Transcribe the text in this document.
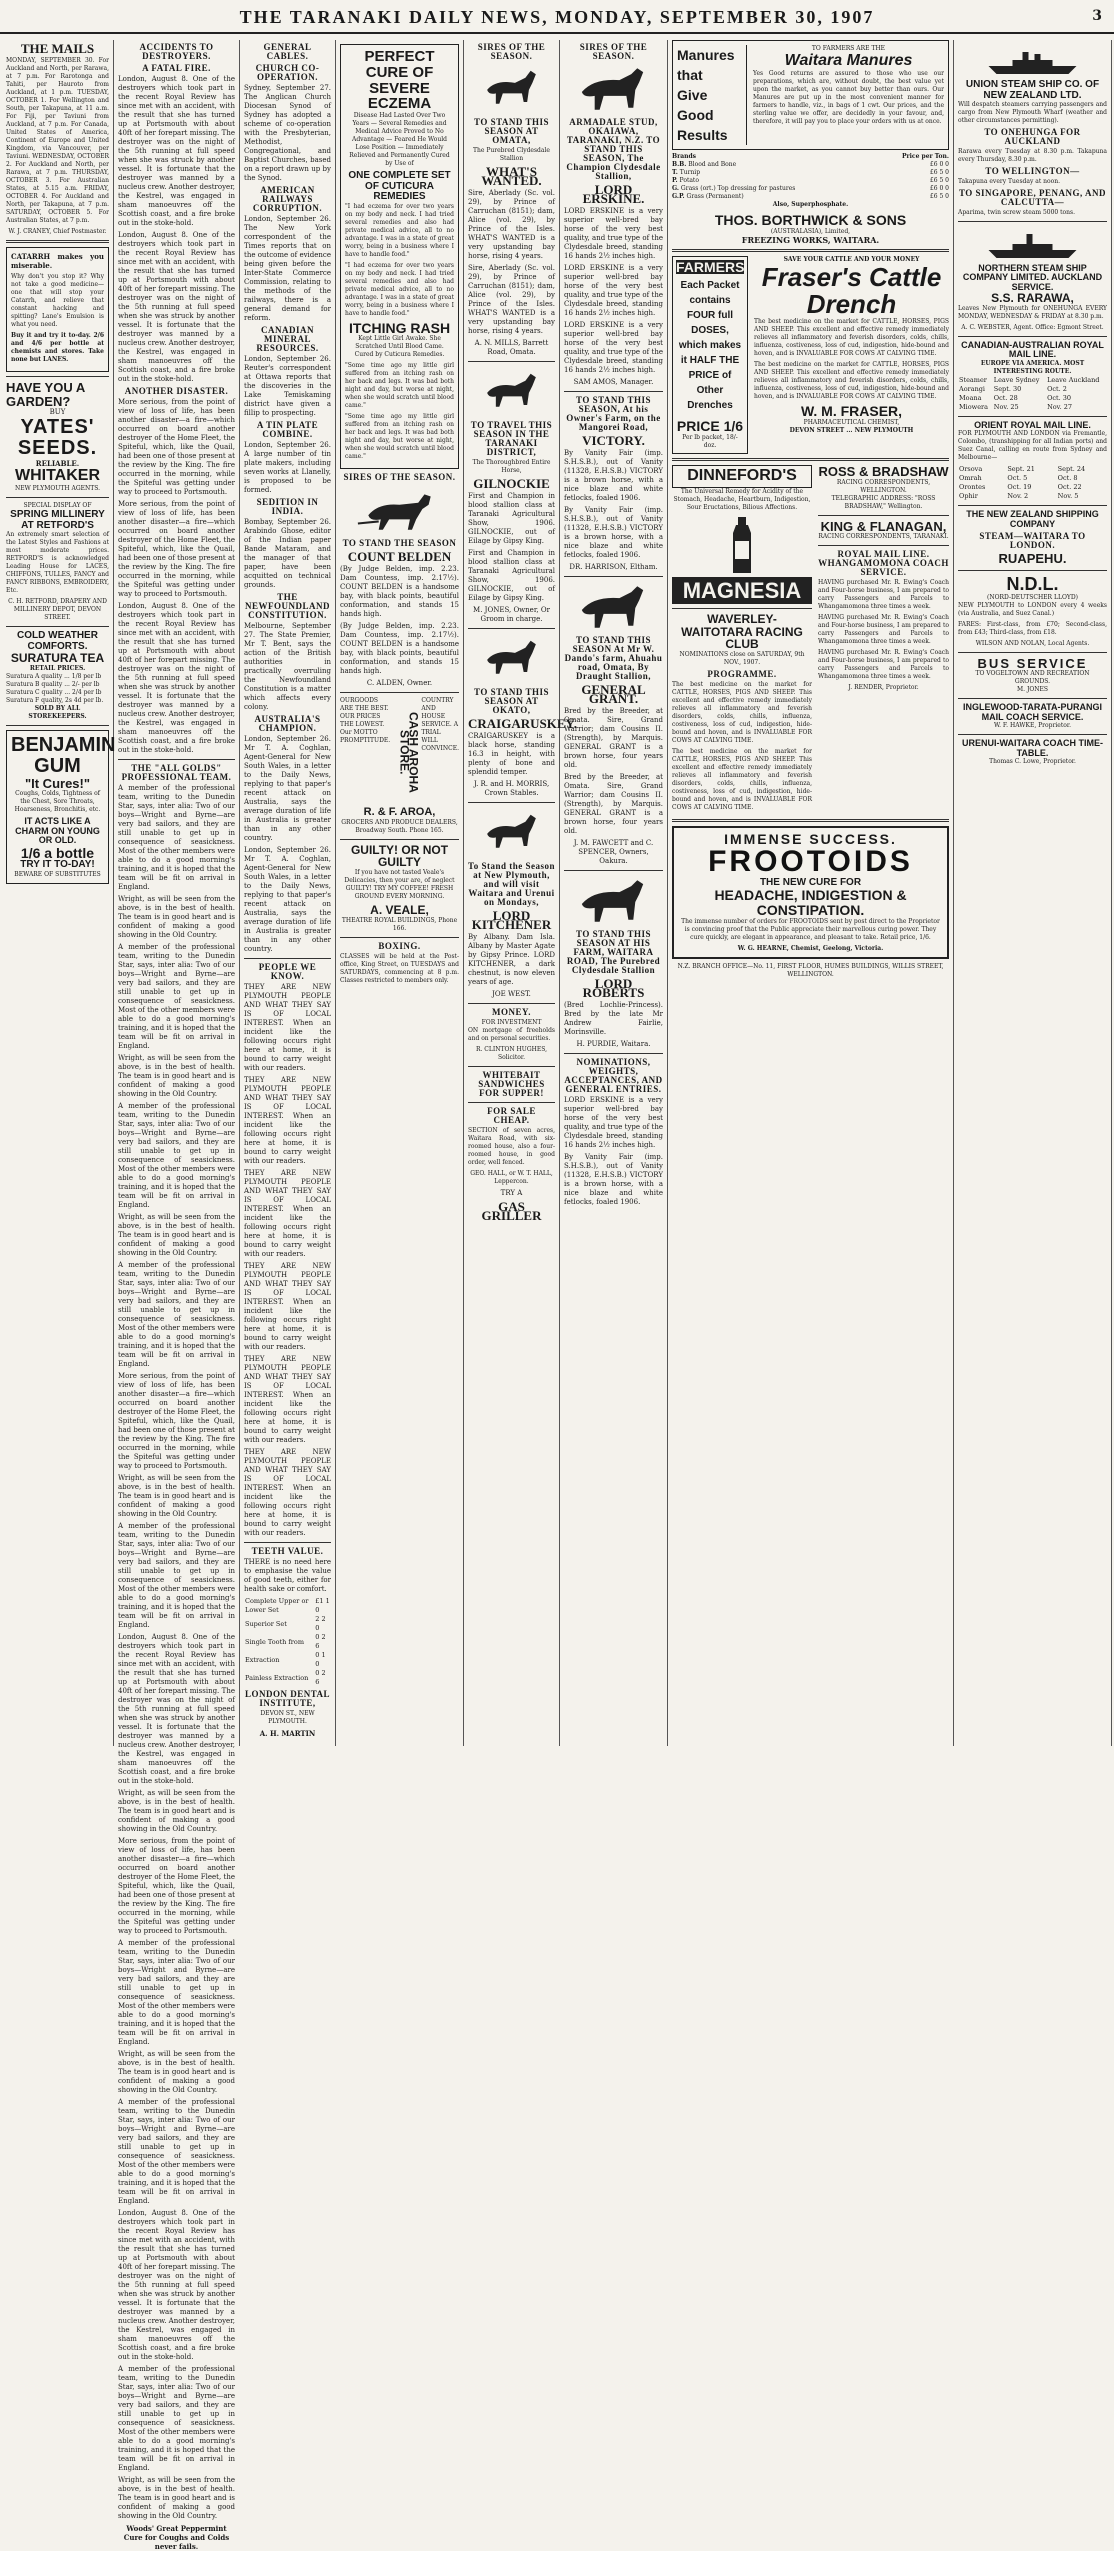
THE TARANAKI DAILY NEWS, MONDAY, SEPTEMBER 30, 1907	3
THE MAILS

MONDAY, SEPTEMBER 30. For Auckland and North, per Rarawa, at 7 p.m. For Rarotonga and Tahiti, per Hauroto from Auckland, at 1 p.m. TUESDAY, OCTOBER 1. For Wellington and South, per Takapuna, at 11 a.m. For Fiji, per Taviuni from Auckland, at 7 p.m. For Canada, United States of America, Continent of Europe and United Kingdom, via Vancouver, per Taviuni. WEDNESDAY, OCTOBER 2. For Auckland and North, per Rarawa, at 7 p.m. THURSDAY, OCTOBER 3. For Australian States, at 5.15 a.m. FRIDAY, OCTOBER 4. For Auckland and North, per Takapuna, at 7 p.m. SATURDAY, OCTOBER 5. For Australian States, at 7 p.m.

W. J. CRANEY, Chief Postmaster.

CATARRH makes you miserable.

Why don't you stop it? Why not take a good medicine—one that will stop your Catarrh, and relieve that constant hacking and spitting? Lane's Emulsion is what you need.

Buy it and try it to-day. 2/6 and 4/6 per bottle at chemists and stores. Take none but LANES.

HAVE YOU A GARDEN?
BUY
YATES' SEEDS.
RELIABLE.
WHITAKER
NEW PLYMOUTH AGENTS.
SPECIAL DISPLAY OF
SPRING MILLINERY AT RETFORD'S

An extremely smart selection of the Latest Styles and Fashions at most moderate prices. RETFORD'S is acknowledged Leading House for LACES, CHIFFONS, TULLES, FANCY and FANCY RIBBONS, EMBROIDERY, Etc.

C. H. RETFORD, DRAPERY AND MILLINERY DEPOT, DEVON STREET.

COLD WEATHER COMFORTS.
SURATURA TEA
RETAIL PRICES.
Suratura A quality ... 1/8 per lb
Suratura B quality ... 2/- per lb
Suratura C quality ... 2/4 per lb
Suratura F quality, 2s 4d per lb.
SOLD BY ALL STOREKEEPERS.
BENJAMIN GUM
"It Cures!"

Coughs, Colds, Tightness of the Chest, Sore Throats, Hoarseness, Bronchitis, etc.

IT ACTS LIKE A CHARM ON YOUNG OR OLD.
1/6 a bottle
TRY IT TO-DAY!
BEWARE OF SUBSTITUTES
ACCIDENTS TO DESTROYERS.
A FATAL FIRE.

London, August 8. One of the destroyers which took part in the recent Royal Review has since met with an accident, with the result that she has turned up at Portsmouth with about 40ft of her forepart missing. The destroyer was on the night of the 5th running at full speed when she was struck by another vessel. It is fortunate that the destroyer was manned by a nucleus crew. Another destroyer, the Kestrel, was engaged in sham manoeuvres off the Scottish coast, and a fire broke out in the stoke-hold.

London, August 8. One of the destroyers which took part in the recent Royal Review has since met with an accident, with the result that she has turned up at Portsmouth with about 40ft of her forepart missing. The destroyer was on the night of the 5th running at full speed when she was struck by another vessel. It is fortunate that the destroyer was manned by a nucleus crew. Another destroyer, the Kestrel, was engaged in sham manoeuvres off the Scottish coast, and a fire broke out in the stoke-hold.

ANOTHER DISASTER.

More serious, from the point of view of loss of life, has been another disaster—a fire—which occurred on board another destroyer of the Home Fleet, the Spiteful, which, like the Quail, had been one of those present at the review by the King. The fire occurred in the morning, while the Spiteful was getting under way to proceed to Portsmouth.

More serious, from the point of view of loss of life, has been another disaster—a fire—which occurred on board another destroyer of the Home Fleet, the Spiteful, which, like the Quail, had been one of those present at the review by the King. The fire occurred in the morning, while the Spiteful was getting under way to proceed to Portsmouth.

London, August 8. One of the destroyers which took part in the recent Royal Review has since met with an accident, with the result that she has turned up at Portsmouth with about 40ft of her forepart missing. The destroyer was on the night of the 5th running at full speed when she was struck by another vessel. It is fortunate that the destroyer was manned by a nucleus crew. Another destroyer, the Kestrel, was engaged in sham manoeuvres off the Scottish coast, and a fire broke out in the stoke-hold.

THE "ALL GOLDS" PROFESSIONAL TEAM.

A member of the professional team, writing to the Dunedin Star, says, inter alia: Two of our boys—Wright and Byrne—are very bad sailors, and they are still unable to get up in consequence of seasickness. Most of the other members were able to do a good morning's training, and it is hoped that the team will be fit on arrival in England.

Wright, as will be seen from the above, is in the best of health. The team is in good heart and is confident of making a good showing in the Old Country.

A member of the professional team, writing to the Dunedin Star, says, inter alia: Two of our boys—Wright and Byrne—are very bad sailors, and they are still unable to get up in consequence of seasickness. Most of the other members were able to do a good morning's training, and it is hoped that the team will be fit on arrival in England.

Wright, as will be seen from the above, is in the best of health. The team is in good heart and is confident of making a good showing in the Old Country.

A member of the professional team, writing to the Dunedin Star, says, inter alia: Two of our boys—Wright and Byrne—are very bad sailors, and they are still unable to get up in consequence of seasickness. Most of the other members were able to do a good morning's training, and it is hoped that the team will be fit on arrival in England.

Wright, as will be seen from the above, is in the best of health. The team is in good heart and is confident of making a good showing in the Old Country.

A member of the professional team, writing to the Dunedin Star, says, inter alia: Two of our boys—Wright and Byrne—are very bad sailors, and they are still unable to get up in consequence of seasickness. Most of the other members were able to do a good morning's training, and it is hoped that the team will be fit on arrival in England.

More serious, from the point of view of loss of life, has been another disaster—a fire—which occurred on board another destroyer of the Home Fleet, the Spiteful, which, like the Quail, had been one of those present at the review by the King. The fire occurred in the morning, while the Spiteful was getting under way to proceed to Portsmouth.

Wright, as will be seen from the above, is in the best of health. The team is in good heart and is confident of making a good showing in the Old Country.

A member of the professional team, writing to the Dunedin Star, says, inter alia: Two of our boys—Wright and Byrne—are very bad sailors, and they are still unable to get up in consequence of seasickness. Most of the other members were able to do a good morning's training, and it is hoped that the team will be fit on arrival in England.

London, August 8. One of the destroyers which took part in the recent Royal Review has since met with an accident, with the result that she has turned up at Portsmouth with about 40ft of her forepart missing. The destroyer was on the night of the 5th running at full speed when she was struck by another vessel. It is fortunate that the destroyer was manned by a nucleus crew. Another destroyer, the Kestrel, was engaged in sham manoeuvres off the Scottish coast, and a fire broke out in the stoke-hold.

Wright, as will be seen from the above, is in the best of health. The team is in good heart and is confident of making a good showing in the Old Country.

More serious, from the point of view of loss of life, has been another disaster—a fire—which occurred on board another destroyer of the Home Fleet, the Spiteful, which, like the Quail, had been one of those present at the review by the King. The fire occurred in the morning, while the Spiteful was getting under way to proceed to Portsmouth.

A member of the professional team, writing to the Dunedin Star, says, inter alia: Two of our boys—Wright and Byrne—are very bad sailors, and they are still unable to get up in consequence of seasickness. Most of the other members were able to do a good morning's training, and it is hoped that the team will be fit on arrival in England.

Wright, as will be seen from the above, is in the best of health. The team is in good heart and is confident of making a good showing in the Old Country.

A member of the professional team, writing to the Dunedin Star, says, inter alia: Two of our boys—Wright and Byrne—are very bad sailors, and they are still unable to get up in consequence of seasickness. Most of the other members were able to do a good morning's training, and it is hoped that the team will be fit on arrival in England.

London, August 8. One of the destroyers which took part in the recent Royal Review has since met with an accident, with the result that she has turned up at Portsmouth with about 40ft of her forepart missing. The destroyer was on the night of the 5th running at full speed when she was struck by another vessel. It is fortunate that the destroyer was manned by a nucleus crew. Another destroyer, the Kestrel, was engaged in sham manoeuvres off the Scottish coast, and a fire broke out in the stoke-hold.

A member of the professional team, writing to the Dunedin Star, says, inter alia: Two of our boys—Wright and Byrne—are very bad sailors, and they are still unable to get up in consequence of seasickness. Most of the other members were able to do a good morning's training, and it is hoped that the team will be fit on arrival in England.

Wright, as will be seen from the above, is in the best of health. The team is in good heart and is confident of making a good showing in the Old Country.

Woods' Great Peppermint Cure for Coughs and Colds never fails.

GENERAL CABLES.
CHURCH CO-OPERATION.

Sydney, September 27. The Anglican Church Diocesan Synod of Sydney has adopted a scheme of co-operation with the Presbyterian, Methodist, Congregational, and Baptist Churches, based on a report drawn up by the Synod.

AMERICAN RAILWAYS CORRUPTION.

London, September 26. The New York correspondent of the Times reports that on the outcome of evidence being given before the Inter-State Commerce Commission, relating to the methods of the railways, there is a general demand for reform.

CANADIAN MINERAL RESOURCES.

London, September 26. Reuter's correspondent at Ottawa reports that the discoveries in the Lake Temiskaming district have given a fillip to prospecting.

A TIN PLATE COMBINE.

London, September 26. A large number of tin plate makers, including seven works at Llanelly, is proposed to be formed.

SEDITION IN INDIA.

Bombay, September 26. Arabindo Ghose, editor of the Indian paper Bande Mataram, and the manager of that paper, have been acquitted on technical grounds.

THE NEWFOUNDLAND CONSTITUTION.

Melbourne, September 27. The State Premier, Mr T. Bent, says the action of the British authorities in practically overruling the Newfoundland Constitution is a matter which affects every colony.

AUSTRALIA'S CHAMPION.

London, September 26. Mr T. A. Coghlan, Agent-General for New South Wales, in a letter to the Daily News, replying to that paper's recent attack on Australia, says the average duration of life in Australia is greater than in any other country.

London, September 26. Mr T. A. Coghlan, Agent-General for New South Wales, in a letter to the Daily News, replying to that paper's recent attack on Australia, says the average duration of life in Australia is greater than in any other country.

PEOPLE WE KNOW.

THEY ARE NEW PLYMOUTH PEOPLE AND WHAT THEY SAY IS OF LOCAL INTEREST. When an incident like the following occurs right here at home, it is bound to carry weight with our readers.

THEY ARE NEW PLYMOUTH PEOPLE AND WHAT THEY SAY IS OF LOCAL INTEREST. When an incident like the following occurs right here at home, it is bound to carry weight with our readers.

THEY ARE NEW PLYMOUTH PEOPLE AND WHAT THEY SAY IS OF LOCAL INTEREST. When an incident like the following occurs right here at home, it is bound to carry weight with our readers.

THEY ARE NEW PLYMOUTH PEOPLE AND WHAT THEY SAY IS OF LOCAL INTEREST. When an incident like the following occurs right here at home, it is bound to carry weight with our readers.

THEY ARE NEW PLYMOUTH PEOPLE AND WHAT THEY SAY IS OF LOCAL INTEREST. When an incident like the following occurs right here at home, it is bound to carry weight with our readers.

THEY ARE NEW PLYMOUTH PEOPLE AND WHAT THEY SAY IS OF LOCAL INTEREST. When an incident like the following occurs right here at home, it is bound to carry weight with our readers.

TEETH VALUE.

THERE is no need here to emphasise the value of good teeth, either for health sake or comfort.

Complete Upper or Lower Set	£1 1 0
Superior Set	2 2 0
Single Tooth from	0 2 6
Extraction	0 1 0
Painless Extraction	0 2 6
LONDON DENTAL INSTITUTE,
DEVON ST., NEW PLYMOUTH.
A. H. MARTIN
PERFECT CURE OF SEVERE ECZEMA

Disease Had Lasted Over Two Years — Several Remedies and Medical Advice Proved to No Advantage — Feared He Would Lose Position — Immediately Relieved and Permanently Cured by Use of

ONE COMPLETE SET OF CUTICURA REMEDIES

"I had eczema for over two years on my body and neck. I had tried several remedies and also had private medical advice, all to no advantage. I was in a state of great worry, being in a business where I have to handle food."

"I had eczema for over two years on my body and neck. I had tried several remedies and also had private medical advice, all to no advantage. I was in a state of great worry, being in a business where I have to handle food."

ITCHING RASH

Kept Little Girl Awake. She Scratched Until Blood Came. Cured by Cuticura Remedies.

"Some time ago my little girl suffered from an itching rash on her back and legs. It was bad both night and day, but worse at night, when she would scratch until blood came."

"Some time ago my little girl suffered from an itching rash on her back and legs. It was bad both night and day, but worse at night, when she would scratch until blood came."

SIRES OF THE SEASON.
TO STAND THE SEASON
COUNT BELDEN

(By Judge Belden, imp. 2.23. Dam Countess, imp. 2.17½). COUNT BELDEN is a handsome bay, with black points, beautiful conformation, and stands 15 hands high.

(By Judge Belden, imp. 2.23. Dam Countess, imp. 2.17½). COUNT BELDEN is a handsome bay, with black points, beautiful conformation, and stands 15 hands high.

C. ALDEN, Owner.

OURGOODS ARE THE BEST. OUR PRICES THE LOWEST. Our MOTTO PROMPTITUDE.	CASH AROHA STORE.
COUNTRY AND HOUSE SERVICE. A TRIAL WILL CONVINCE.
R. & F. AROA,
GROCERS AND PRODUCE DEALERS, Broadway South. Phone 165.
GUILTY! OR NOT GUILTY

If you have not tasted Veale's Delicacies, then your are, of neglect GUILTY! TRY MY COFFEE! FRESH GROUND EVERY MORNING.

A. VEALE,
THEATRE ROYAL BUILDINGS, Phone 166.
BOXING.

CLASSES will be held at the Post-office, King Street, on TUESDAYS and SATURDAYS, commencing at 8 p.m. Classes restricted to members only.

SIRES OF THE SEASON.
TO STAND THIS SEASON AT OMATA,
The Purebred Clydesdale Stallion
WHAT'S WANTED.

Sire, Aberlady (Sc. vol. 29), by Prince of Carruchan (8151); dam, Alice (vol. 29), by Prince of the Isles. WHAT'S WANTED is a very upstanding bay horse, rising 4 years.

Sire, Aberlady (Sc. vol. 29), by Prince of Carruchan (8151); dam, Alice (vol. 29), by Prince of the Isles. WHAT'S WANTED is a very upstanding bay horse, rising 4 years.

A. N. MILLS, Barrett Road, Omata.

TO TRAVEL THIS SEASON IN THE TARANAKI DISTRICT,
The Thoroughbred Entire Horse,
GILNOCKIE

First and Champion in blood stallion class at Taranaki Agricultural Show, 1906. GILNOCKIE, out of Eilage by Gipsy King.

First and Champion in blood stallion class at Taranaki Agricultural Show, 1906. GILNOCKIE, out of Eilage by Gipsy King.

M. JONES, Owner, Or Groom in charge.

TO STAND THIS SEASON AT OKATO,
CRAIGARUSKEY.

CRAIGARUSKEY is a black horse, standing 16.3 in height, with plenty of bone and splendid temper.

J. R. and H. MORRIS, Crown Stables.

To Stand the Season at New Plymouth, and will visit Waitara and Urenui on Mondays,
LORD KITCHENER

By Albany. Dam Isla. Albany by Master Agate by Gipsy Prince. LORD KITCHENER, a dark chestnut, is now eleven years of age.

JOE WEST.

MONEY.
FOR INVESTMENT

ON mortgage of freeholds and on personal securities.

R. CLINTON HUGHES, Solicitor.

WHITEBAIT SANDWICHES FOR SUPPER!
FOR SALE CHEAP.

SECTION of seven acres, Waitara Road, with six-roomed house, also a four-roomed house, in good order, well fenced.

GEO. HALL, or W. T. HALL, Leppercon.

TRY A
GAS GRILLER
SIRES OF THE SEASON.
ARMADALE STUD, OKAIAWA, TARANAKI, N.Z. TO STAND THIS SEASON, The Champion Clydesdale Stallion,
LORD ERSKINE.

LORD ERSKINE is a very superior well-bred bay horse of the very best quality, and true type of the Clydesdale breed, standing 16 hands 2½ inches high.

LORD ERSKINE is a very superior well-bred bay horse of the very best quality, and true type of the Clydesdale breed, standing 16 hands 2½ inches high.

LORD ERSKINE is a very superior well-bred bay horse of the very best quality, and true type of the Clydesdale breed, standing 16 hands 2½ inches high.

SAM AMOS, Manager.

TO STAND THIS SEASON, At his Owner's Farm, on the Mangorei Road,
VICTORY.

By Vanity Fair (imp. S.H.S.B.), out of Vanity (11328, E.H.S.B.) VICTORY is a brown horse, with a nice blaze and white fetlocks, foaled 1906.

By Vanity Fair (imp. S.H.S.B.), out of Vanity (11328, E.H.S.B.) VICTORY is a brown horse, with a nice blaze and white fetlocks, foaled 1906.

DR. HARRISON, Eltham.

TO STAND THIS SEASON At Mr W. Dando's farm, Ahuahu road, Omata, By Draught Stallion,
GENERAL GRANT.

Bred by the Breeder, at Omata. Sire, Grand Warrior; dam Cousins II. (Strength), by Marquis. GENERAL GRANT is a brown horse, four years old.

Bred by the Breeder, at Omata. Sire, Grand Warrior; dam Cousins II. (Strength), by Marquis. GENERAL GRANT is a brown horse, four years old.

J. M. FAWCETT and C. SPENCER, Owners, Oakura.

TO STAND THIS SEASON AT HIS FARM, WAITARA ROAD, The Purebred Clydesdale Stallion
LORD ROBERTS

(Bred Lochlie-Princess). Bred by the late Mr Andrew Fairlie, Morinsville.

H. PURDIE, Waitara.

NOMINATIONS, WEIGHTS, ACCEPTANCES, AND GENERAL ENTRIES.

LORD ERSKINE is a very superior well-bred bay horse of the very best quality, and true type of the Clydesdale breed, standing 16 hands 2½ inches high.

By Vanity Fair (imp. S.H.S.B.), out of Vanity (11328, E.H.S.B.) VICTORY is a brown horse, with a nice blaze and white fetlocks, foaled 1906.

Manures
that
Give
Good
Results
TO FARMERS ARE THE
Waitara Manures

Yes Good returns are assured to those who use our preparations, which are, without doubt, the best value yet upon the market, as you cannot buy better than ours. Our Manures are put up in the most convenient manner for farmers to handle, viz., in bags of 1 cwt. Our prices, and the sterling value we offer, are decidedly in your favour, and, therefore, it will pay you to place your orders with us at once.

Brands	Price per Ton.
B.B. Blood and Bone	£6 0 0
T. Turnip	£6 5 0
P. Potato	£6 5 0
G. Grass (ort.) Top dressing for pastures	£6 0 0
G.P. Grass (Permanent)	£6 5 0
Also, Superphosphate.
THOS. BORTHWICK & SONS
(AUSTRALASIA), Limited,
FREEZING WORKS, WAITARA.
FARMERS
Each Packet contains FOUR full DOSES, which makes it HALF THE PRICE of Other Drenches
PRICE 1/6
Per lb packet, 18/- doz.
SAVE YOUR CATTLE AND YOUR MONEY
Fraser's Cattle Drench

The best medicine on the market for CATTLE, HORSES, PIGS AND SHEEP. This excellent and effective remedy immediately relieves all inflammatory and feverish disorders, colds, chills, influenza, costiveness, loss of cud, indigestion, hide-bound and hoven, and is INVALUABLE FOR COWS AT CALVING TIME.

The best medicine on the market for CATTLE, HORSES, PIGS AND SHEEP. This excellent and effective remedy immediately relieves all inflammatory and feverish disorders, colds, chills, influenza, costiveness, loss of cud, indigestion, hide-bound and hoven, and is INVALUABLE FOR COWS AT CALVING TIME.

W. M. FRASER,
PHARMACEUTICAL CHEMIST,
DEVON STREET ... NEW PLYMOUTH
DINNEFORD'S

The Universal Remedy for Acidity of the Stomach, Headache, Heartburn, Indigestion, Sour Eructations, Bilious Affections.

MAGNESIA
WAVERLEY-WAITOTARA RACING CLUB

NOMINATIONS close on SATURDAY, 9th NOV., 1907.

PROGRAMME.

The best medicine on the market for CATTLE, HORSES, PIGS AND SHEEP. This excellent and effective remedy immediately relieves all inflammatory and feverish disorders, colds, chills, influenza, costiveness, loss of cud, indigestion, hide-bound and hoven, and is INVALUABLE FOR COWS AT CALVING TIME.

The best medicine on the market for CATTLE, HORSES, PIGS AND SHEEP. This excellent and effective remedy immediately relieves all inflammatory and feverish disorders, colds, chills, influenza, costiveness, loss of cud, indigestion, hide-bound and hoven, and is INVALUABLE FOR COWS AT CALVING TIME.

ROSS & BRADSHAW
RACING CORRESPONDENTS, WELLINGTON.

TELEGRAPHIC ADDRESS: "ROSS BRADSHAW," Wellington.

KING & FLANAGAN,
RACING CORRESPONDENTS, TARANAKI.
ROYAL MAIL LINE. WHANGAMOMONA COACH SERVICE.

HAVING purchased Mr. R. Ewing's Coach and Four-horse business, I am prepared to carry Passengers and Parcels to Whangamomona three times a week.

HAVING purchased Mr. R. Ewing's Coach and Four-horse business, I am prepared to carry Passengers and Parcels to Whangamomona three times a week.

HAVING purchased Mr. R. Ewing's Coach and Four-horse business, I am prepared to carry Passengers and Parcels to Whangamomona three times a week.

J. RENDER, Proprietor.

IMMENSE SUCCESS.
FROOTOIDS
THE NEW CURE FOR
HEADACHE, INDIGESTION & CONSTIPATION.

The immense number of orders for FROOTOIDS sent by post direct to the Proprietor is convincing proof that the Public appreciate their marvellous curing power. They cure quickly, are elegant in appearance, and pleasant to take. Retail price, 1/6.

W. G. HEARNE, Chemist, Geelong, Victoria.
N.Z. BRANCH OFFICE—No. 11, FIRST FLOOR, HUMES BUILDINGS, WILLIS STREET, WELLINGTON.
UNION STEAM SHIP CO. OF NEW ZEALAND LTD.

Will despatch steamers carrying passengers and cargo from New Plymouth Wharf (weather and other circumstances permitting).

TO ONEHUNGA FOR AUCKLAND

Rarawa every Tuesday at 8.30 p.m. Takapuna every Thursday, 8.30 p.m.

TO WELLINGTON—

Takapuna every Tuesday at noon.

TO SINGAPORE, PENANG, AND CALCUTTA—

Aparima, twin screw steam 5000 tons.

NORTHERN STEAM SHIP COMPANY LIMITED. AUCKLAND SERVICE.
S.S. RARAWA,

Leaves New Plymouth for ONEHUNGA EVERY MONDAY, WEDNESDAY & FRIDAY at 8.30 p.m.

A. C. WEBSTER, Agent. Office: Egmont Street.

CANADIAN-AUSTRALIAN ROYAL MAIL LINE.
EUROPE VIA AMERICA. MOST INTERESTING ROUTE.
Steamer	Leave Sydney	Leave Auckland
Aorangi	Sept. 30	Oct. 2
Moana	Oct. 28	Oct. 30
Miowera	Nov. 25	Nov. 27
ORIENT ROYAL MAIL LINE.

FOR PLYMOUTH AND LONDON via Fremantle, Colombo, (transhipping for all Indian ports) and Suez Canal, calling en route from Sydney and Melbourne—

Orsova	Sept. 21	Sept. 24
Omrah	Oct. 5	Oct. 8
Orontes	Oct. 19	Oct. 22
Ophir	Nov. 2	Nov. 5
THE NEW ZEALAND SHIPPING COMPANY
STEAM—WAITARA TO LONDON.
RUAPEHU.
N.D.L.
(NORD-DEUTSCHER LLOYD)

NEW PLYMOUTH to LONDON every 4 weeks (via Australia, and Suez Canal.)

FARES: First-class, from £70; Second-class, from £43; Third-class, from £18.

WILSON AND NOLAN, Local Agents.

BUS SERVICE
TO VOGELTOWN AND RECREATION GROUNDS.

M. JONES

INGLEWOOD-TARATA-PURANGI MAIL COACH SERVICE.

W. F. HAWKE, Proprietor.

URENUI-WAITARA COACH TIME-TABLE.

Thomas C. Lowe, Proprietor.
